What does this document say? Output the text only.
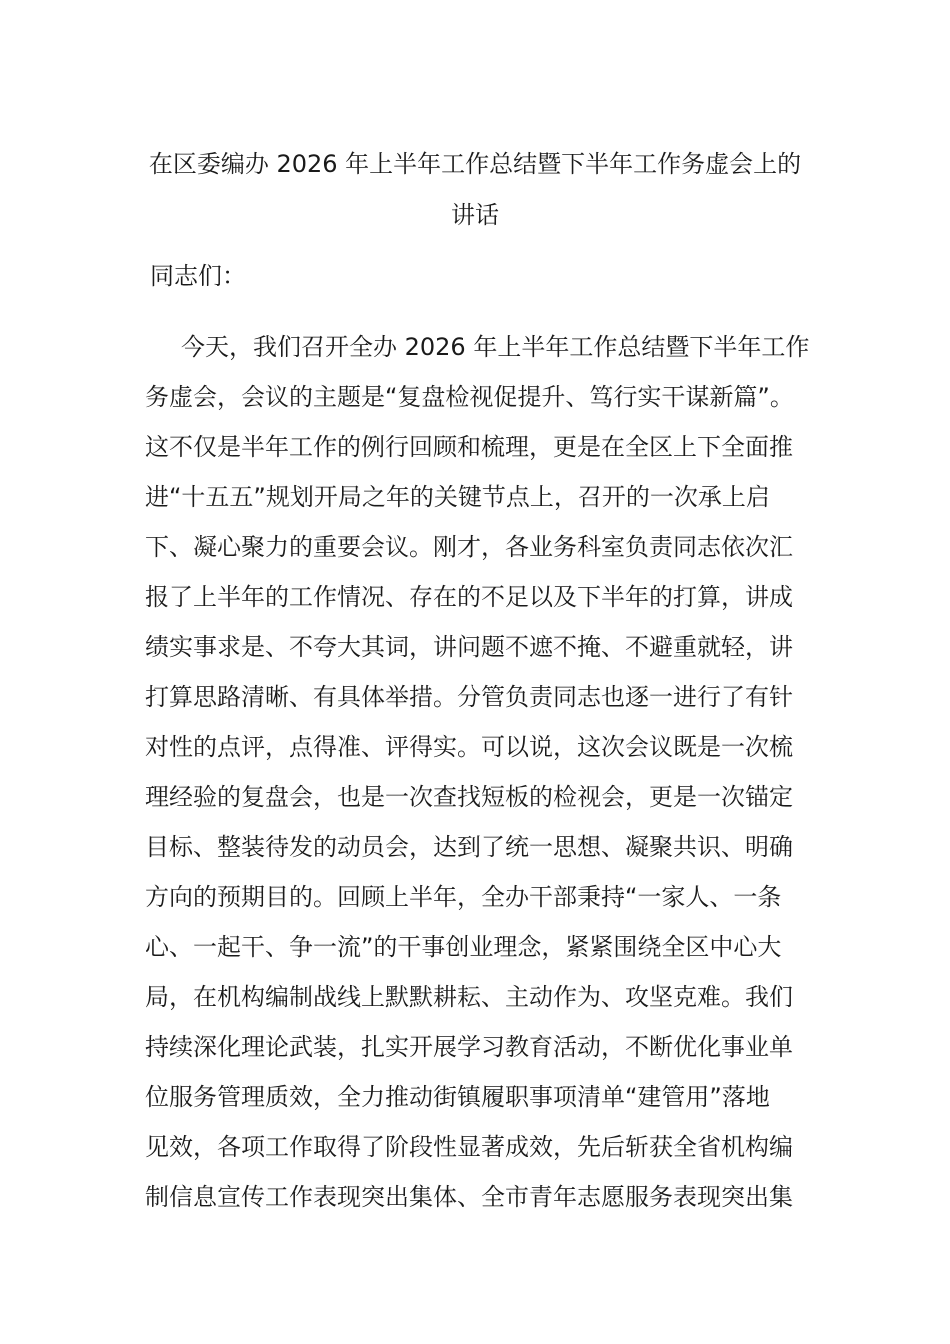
在区委编办 2026 年上半年工作总结暨下半年工作务虚会上的
讲话

同志们：

今天，我们召开全办 2026 年上半年工作总结暨下半年工作
务虚会，会议的主题是“复盘检视促提升、笃行实干谋新篇”。
这不仅是半年工作的例行回顾和梳理，更是在全区上下全面推
进“十五五”规划开局之年的关键节点上，召开的一次承上启
下、凝心聚力的重要会议。刚才，各业务科室负责同志依次汇
报了上半年的工作情况、存在的不足以及下半年的打算，讲成
绩实事求是、不夸大其词，讲问题不遮不掩、不避重就轻，讲
打算思路清晰、有具体举措。分管负责同志也逐一进行了有针
对性的点评，点得准、评得实。可以说，这次会议既是一次梳
理经验的复盘会，也是一次查找短板的检视会，更是一次锚定
目标、整装待发的动员会，达到了统一思想、凝聚共识、明确
方向的预期目的。回顾上半年，全办干部秉持“一家人、一条
心、一起干、争一流”的干事创业理念，紧紧围绕全区中心大
局，在机构编制战线上默默耕耘、主动作为、攻坚克难。我们
持续深化理论武装，扎实开展学习教育活动，不断优化事业单
位服务管理质效，全力推动街镇履职事项清单“建管用”落地
见效，各项工作取得了阶段性显著成效，先后斩获全省机构编
制信息宣传工作表现突出集体、全市青年志愿服务表现突出集
